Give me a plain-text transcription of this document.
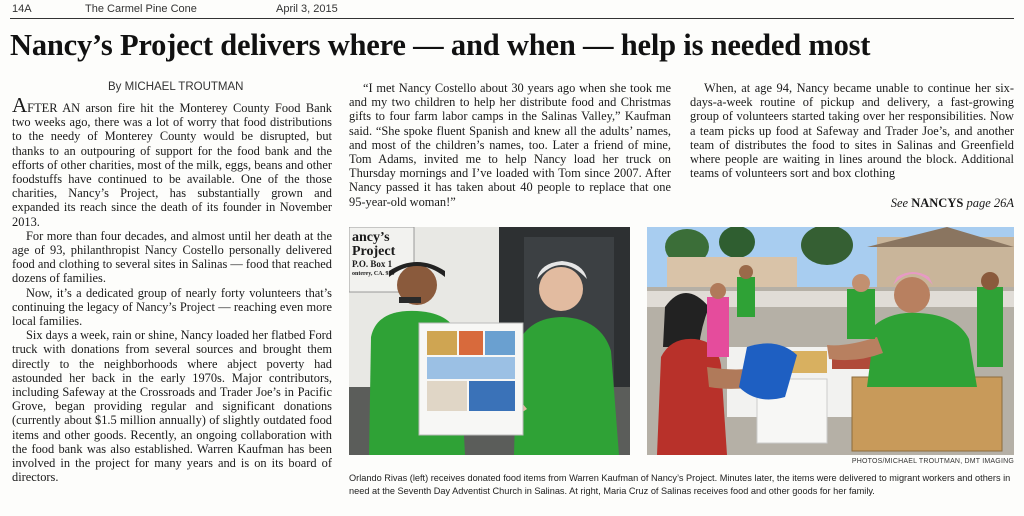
14A	The Carmel Pine Cone	April 3, 2015
Nancy’s Project delivers where — and when — help is needed most
By MICHAEL TROUTMAN

AFTER AN arson fire hit the Monterey County Food Bank two weeks ago, there was a lot of worry that food distributions to the needy of Monterey County would be disrupted, but thanks to an outpouring of support for the food bank and the efforts of other charities, most of the milk, eggs, beans and other foodstuffs have continued to be available. One of the those charities, Nancy’s Project, has substantially grown and expanded its reach since the death of its founder in November 2013.

For more than four decades, and almost until her death at the age of 93, philanthropist Nancy Costello personally delivered food and clothing to several sites in Salinas — food that reached dozens of families.

Now, it’s a dedicated group of nearly forty volunteers that’s continuing the legacy of Nancy’s Project — reaching even more local families.

Six days a week, rain or shine, Nancy loaded her flatbed Ford truck with donations from several sources and brought them directly to the neighborhoods where abject poverty had astounded her back in the early 1970s. Major contributors, including Safeway at the Crossroads and Trader Joe’s in Pacific Grove, began providing regular and significant donations (currently about $1.5 million annually) of slightly outdated food items and other goods. Recently, an ongoing collaboration with the food bank was also established. Warren Kaufman has been involved in the project for many years and is on its board of directors.

“I met Nancy Costello about 30 years ago when she took me and my two children to help her distribute food and Christmas gifts to four farm labor camps in the Salinas Valley,” Kaufman said. “She spoke fluent Spanish and knew all the adults’ names, and most of the children’s names, too. Later a friend of mine, Tom Adams, invited me to help Nancy load her truck on Thursday mornings and I’ve loaded with Tom since 2007. After Nancy passed it has taken about 40 people to replace that one 95-year-old woman!”

When, at age 94, Nancy became unable to continue her six-days-a-week routine of pickup and delivery, a fast-growing group of volunteers started taking over her responsibilities. Now a team picks up food at Safeway and Trader Joe’s, and another team of distributes the food to sites in Salinas and Greenfield where people are waiting in lines around the block. Additional teams of volunteers sort and box clothing

See NANCYS page 26A
ancy’s
Project
P.O. Box 1
onterey, CA. 939
PHOTOS/MICHAEL TROUTMAN, DMT IMAGING
Orlando Rivas (left) receives donated food items from Warren Kaufman of Nancy’s Project. Minutes later, the items were delivered to migrant workers and others in need at the Seventh Day Adventist Church in Salinas. At right, Maria Cruz of Salinas receives food and other goods for her family.
